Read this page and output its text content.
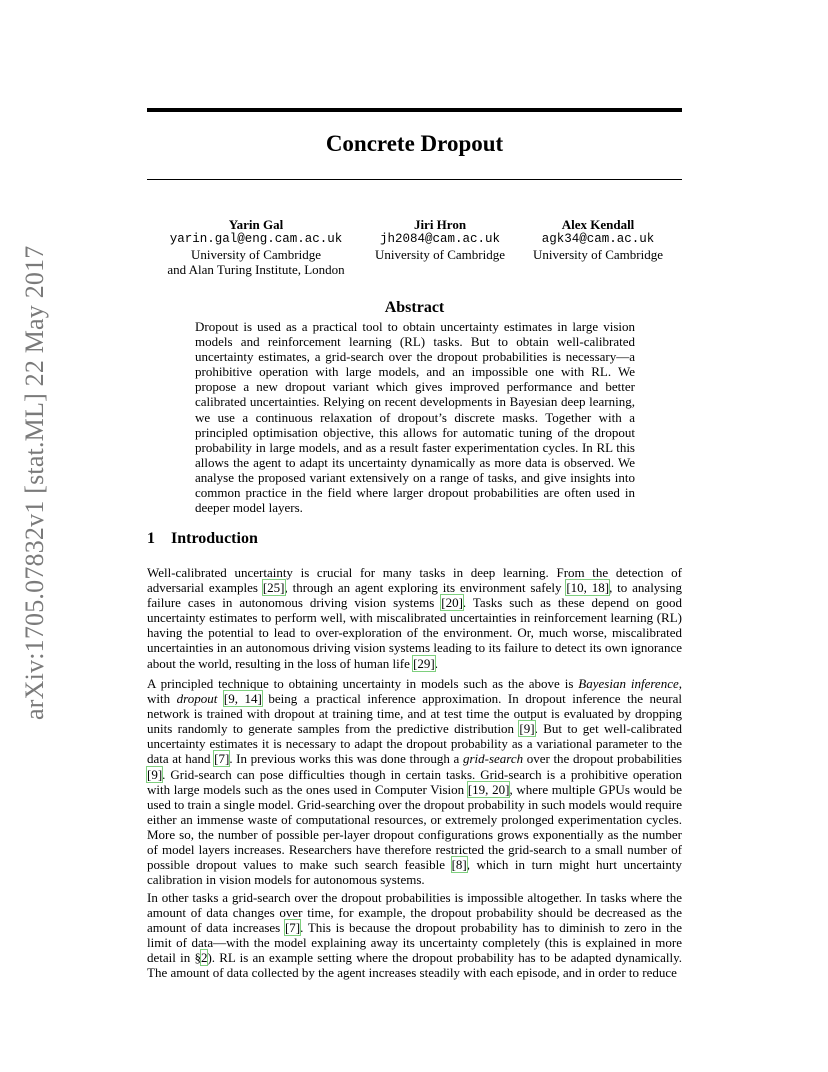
arXiv:1705.07832v1 [stat.ML] 22 May 2017
Concrete Dropout
Yarin Gal
yarin.gal@eng.cam.ac.uk
University of Cambridge
and Alan Turing Institute, London
Jiri Hron
jh2084@cam.ac.uk
University of Cambridge
Alex Kendall
agk34@cam.ac.uk
University of Cambridge
Abstract
Dropout is used as a practical tool to obtain uncertainty estimates in large vision models and reinforcement learning (RL) tasks. But to obtain well-calibrated uncertainty estimates, a grid-search over the dropout probabilities is necessary—a prohibitive operation with large models, and an impossible one with RL. We propose a new dropout variant which gives improved performance and better calibrated uncertainties. Relying on recent developments in Bayesian deep learning, we use a continuous relaxation of dropout’s discrete masks. Together with a principled optimisation objective, this allows for automatic tuning of the dropout probability in large models, and as a result faster experimentation cycles. In RL this allows the agent to adapt its uncertainty dynamically as more data is observed. We analyse the proposed variant extensively on a range of tasks, and give insights into common practice in the field where larger dropout probabilities are often used in deeper model layers.
1 Introduction
Well-calibrated uncertainty is crucial for many tasks in deep learning. From the detection of adversarial examples [25], through an agent exploring its environment safely [10, 18], to analysing failure cases in autonomous driving vision systems [20]. Tasks such as these depend on good uncertainty estimates to perform well, with miscalibrated uncertainties in reinforcement learning (RL) having the potential to lead to over-exploration of the environment. Or, much worse, miscalibrated uncertainties in an autonomous driving vision systems leading to its failure to detect its own ignorance about the world, resulting in the loss of human life [29].
A principled technique to obtaining uncertainty in models such as the above is Bayesian inference, with dropout [9, 14] being a practical inference approximation. In dropout inference the neural network is trained with dropout at training time, and at test time the output is evaluated by dropping units randomly to generate samples from the predictive distribution [9]. But to get well-calibrated uncertainty estimates it is necessary to adapt the dropout probability as a variational parameter to the data at hand [7]. In previous works this was done through a grid-search over the dropout probabilities [9]. Grid-search can pose difficulties though in certain tasks. Grid-search is a prohibitive operation with large models such as the ones used in Computer Vision [19, 20], where multiple GPUs would be used to train a single model. Grid-searching over the dropout probability in such models would require either an immense waste of computational resources, or extremely prolonged experimentation cycles. More so, the number of possible per-layer dropout configurations grows exponentially as the number of model layers increases. Researchers have therefore restricted the grid-search to a small number of possible dropout values to make such search feasible [8], which in turn might hurt uncertainty calibration in vision models for autonomous systems.
In other tasks a grid-search over the dropout probabilities is impossible altogether. In tasks where the amount of data changes over time, for example, the dropout probability should be decreased as the amount of data increases [7]. This is because the dropout probability has to diminish to zero in the limit of data—with the model explaining away its uncertainty completely (this is explained in more detail in §2). RL is an example setting where the dropout probability has to be adapted dynamically. The amount of data collected by the agent increases steadily with each episode, and in order to reduce
